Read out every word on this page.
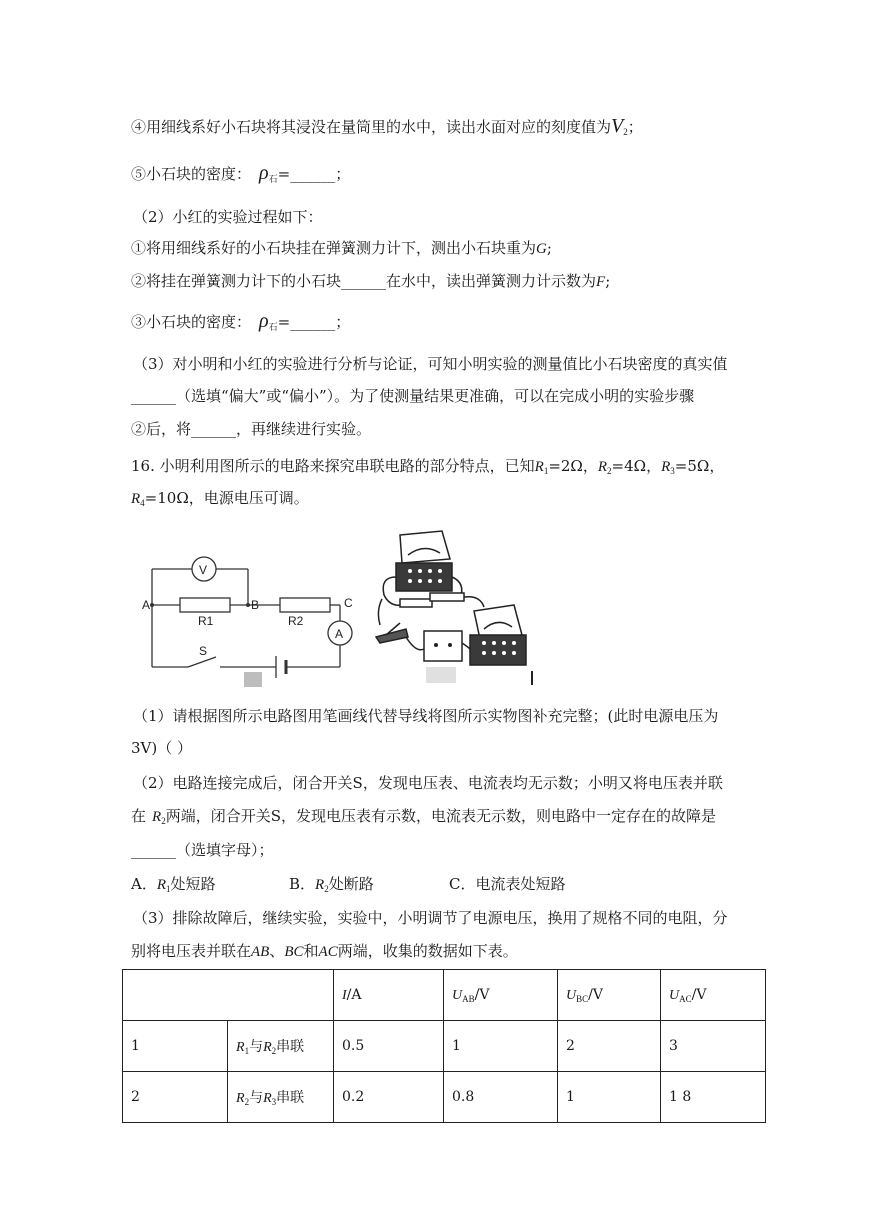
④用细线系好小石块将其浸没在量筒里的水中，读出水面对应的刻度值为$V_2$；
⑤小石块的密度： $\rho_石=\_\_\_\_\_\_$；
（2）小红的实验过程如下：
①将用细线系好的小石块挂在弹簧测力计下，测出小石块重为G;
②将挂在弹簧测力计下的小石块______在水中，读出弹簧测力计示数为F;
③小石块的密度： $\rho_石=\_\_\_\_\_\_$；
（3）对小明和小红的实验进行分析与论证，可知小明实验的测量值比小石块密度的真实值
______（选填“偏大”或“偏小”）。为了使测量结果更准确，可以在完成小明的实验步骤
②后，将______，再继续进行实验。
16. 小明利用图所示的电路来探究串联电路的部分特点，已知$R_1=2\Omega$，$R_2=4\Omega$，$R_3=5\Omega$，
$R_4=10\Omega$，电源电压可调。
V
A
A	B	C
R1	R2
S
（1）请根据图所示电路图用笔画线代替导线将图所示实物图补充完整；(此时电源电压为
3V)（ ）
（2）电路连接完成后，闭合开关S，发现电压表、电流表均无示数；小明又将电压表并联
在 $R_2$两端，闭合开关S，发现电压表有示数，电流表无示数，则电路中一定存在的故障是
______（选填字母）；
A．$R_1$处短路	B．$R_2$处断路	C．电流表处短路
（3）排除故障后，继续实验，实验中，小明调节了电源电压，换用了规格不同的电阻，分
别将电压表并联在AB、BC和AC两端，收集的数据如下表。
		I/A	$U_{AB}/V$	$U_{BC}/V$	$U_{AC}/V$
1	$R_1$与$R_2$串联	0.5	1	2	3
2	$R_2$与$R_3$串联	0.2	0.8	1	1 8
